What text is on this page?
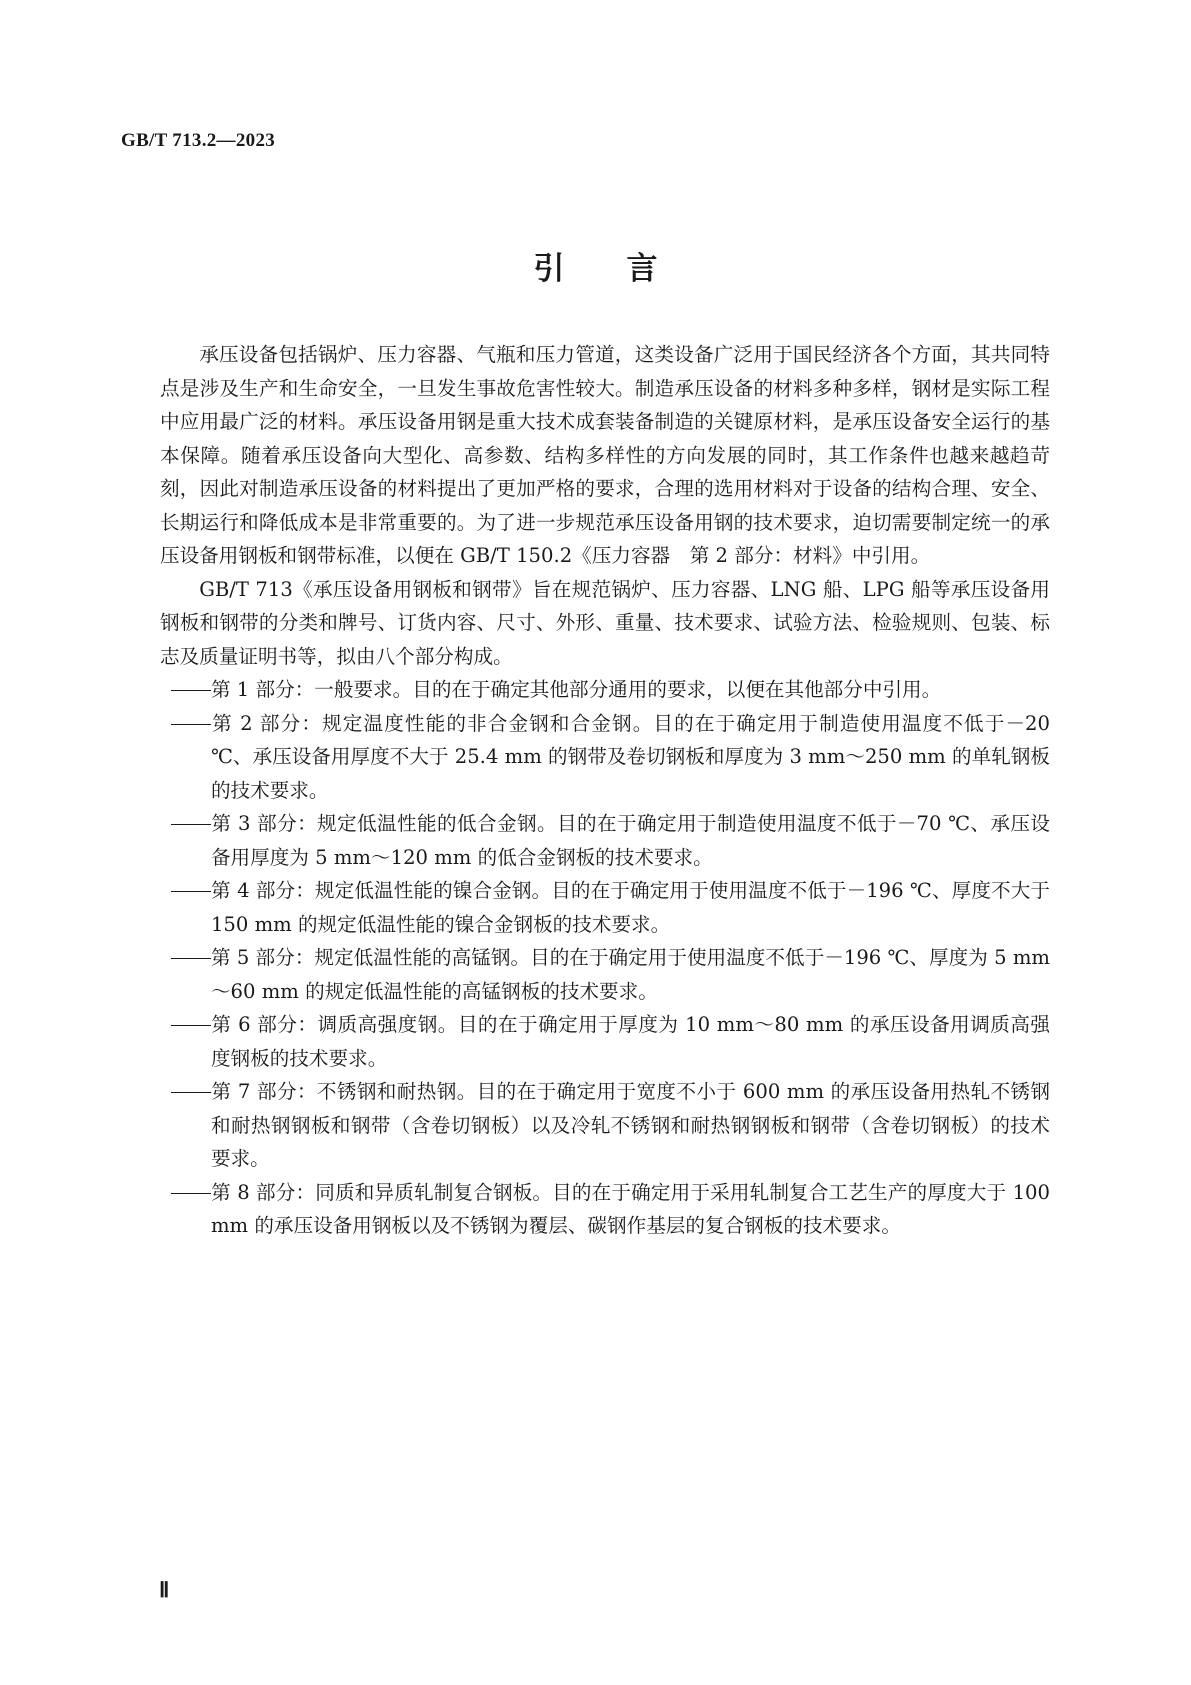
GB/T 713.2—2023
引言

承压设备包括锅炉、压力容器、气瓶和压力管道，这类设备广泛用于国民经济各个方面，其共同特点是涉及生产和生命安全，一旦发生事故危害性较大。制造承压设备的材料多种多样，钢材是实际工程中应用最广泛的材料。承压设备用钢是重大技术成套装备制造的关键原材料，是承压设备安全运行的基本保障。随着承压设备向大型化、高参数、结构多样性的方向发展的同时，其工作条件也越来越趋苛刻，因此对制造承压设备的材料提出了更加严格的要求，合理的选用材料对于设备的结构合理、安全、长期运行和降低成本是非常重要的。为了进一步规范承压设备用钢的技术要求，迫切需要制定统一的承压设备用钢板和钢带标准，以便在 GB/T 150.2《压力容器　第 2 部分：材料》中引用。

GB/T 713《承压设备用钢板和钢带》旨在规范锅炉、压力容器、LNG 船、LPG 船等承压设备用钢板和钢带的分类和牌号、订货内容、尺寸、外形、重量、技术要求、试验方法、检验规则、包装、标志及质量证明书等，拟由八个部分构成。

第 1 部分：一般要求。目的在于确定其他部分通用的要求，以便在其他部分中引用。

第 2 部分：规定温度性能的非合金钢和合金钢。目的在于确定用于制造使用温度不低于－20 ℃、承压设备用厚度不大于 25.4 mm 的钢带及卷切钢板和厚度为 3 mm～250 mm 的单轧钢板的技术要求。

第 3 部分：规定低温性能的低合金钢。目的在于确定用于制造使用温度不低于－70 ℃、承压设备用厚度为 5 mm～120 mm 的低合金钢板的技术要求。

第 4 部分：规定低温性能的镍合金钢。目的在于确定用于使用温度不低于－196 ℃、厚度不大于 150 mm 的规定低温性能的镍合金钢板的技术要求。

第 5 部分：规定低温性能的高锰钢。目的在于确定用于使用温度不低于－196 ℃、厚度为 5 mm～60 mm 的规定低温性能的高锰钢板的技术要求。

第 6 部分：调质高强度钢。目的在于确定用于厚度为 10 mm～80 mm 的承压设备用调质高强度钢板的技术要求。

第 7 部分：不锈钢和耐热钢。目的在于确定用于宽度不小于 600 mm 的承压设备用热轧不锈钢和耐热钢钢板和钢带（含卷切钢板）以及冷轧不锈钢和耐热钢钢板和钢带（含卷切钢板）的技术要求。

第 8 部分：同质和异质轧制复合钢板。目的在于确定用于采用轧制复合工艺生产的厚度大于 100 mm 的承压设备用钢板以及不锈钢为覆层、碳钢作基层的复合钢板的技术要求。

Ⅱ
